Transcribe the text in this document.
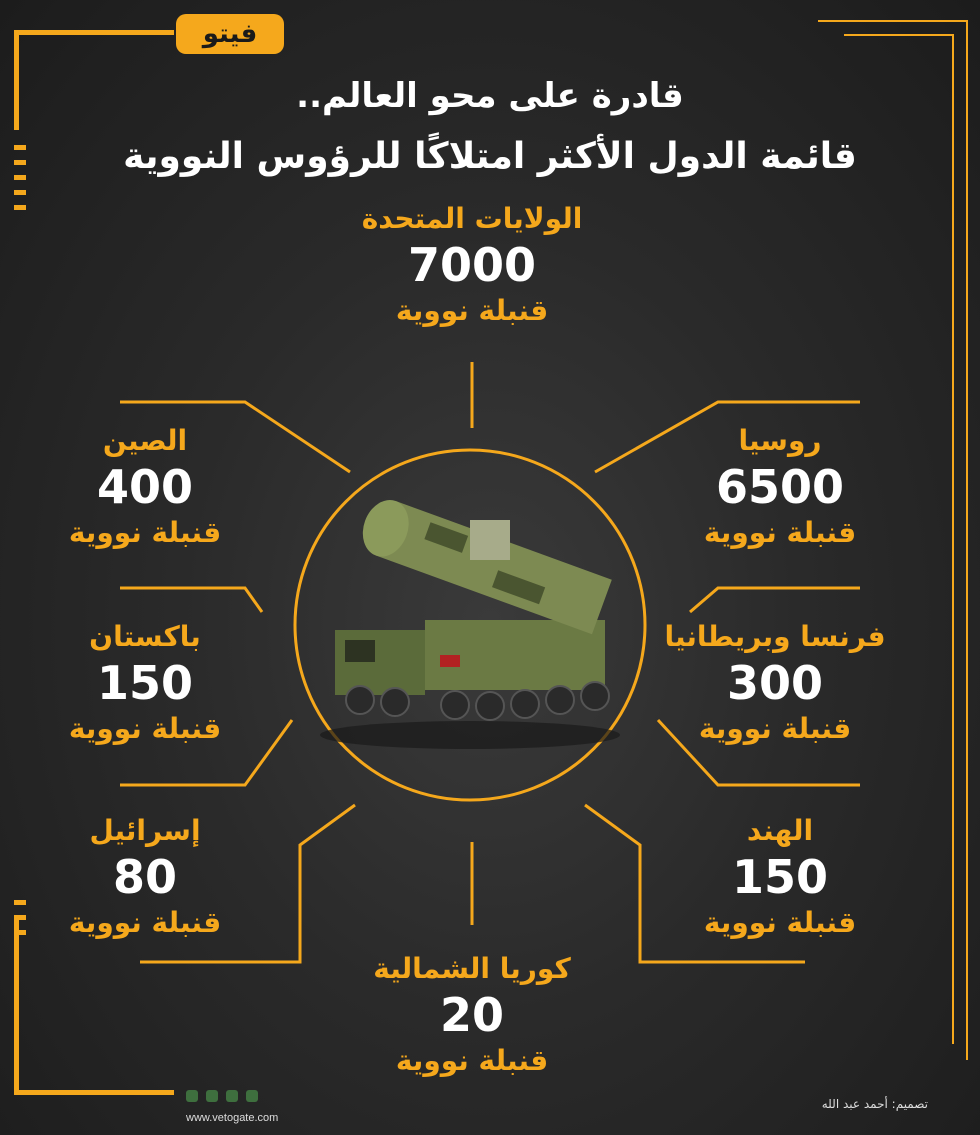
فيتو
قادرة على محو العالم..
قائمة الدول الأكثر امتلاكًا للرؤوس النووية
الولايات المتحدة
7000
قنبلة نووية
الصين
400
قنبلة نووية
روسيا
6500
قنبلة نووية
باكستان
150
قنبلة نووية
فرنسا وبريطانيا
300
قنبلة نووية
إسرائيل
80
قنبلة نووية
الهند
150
قنبلة نووية
كوريا الشمالية
20
قنبلة نووية
www.vetogate.com
تصميم: أحمد عبد الله
